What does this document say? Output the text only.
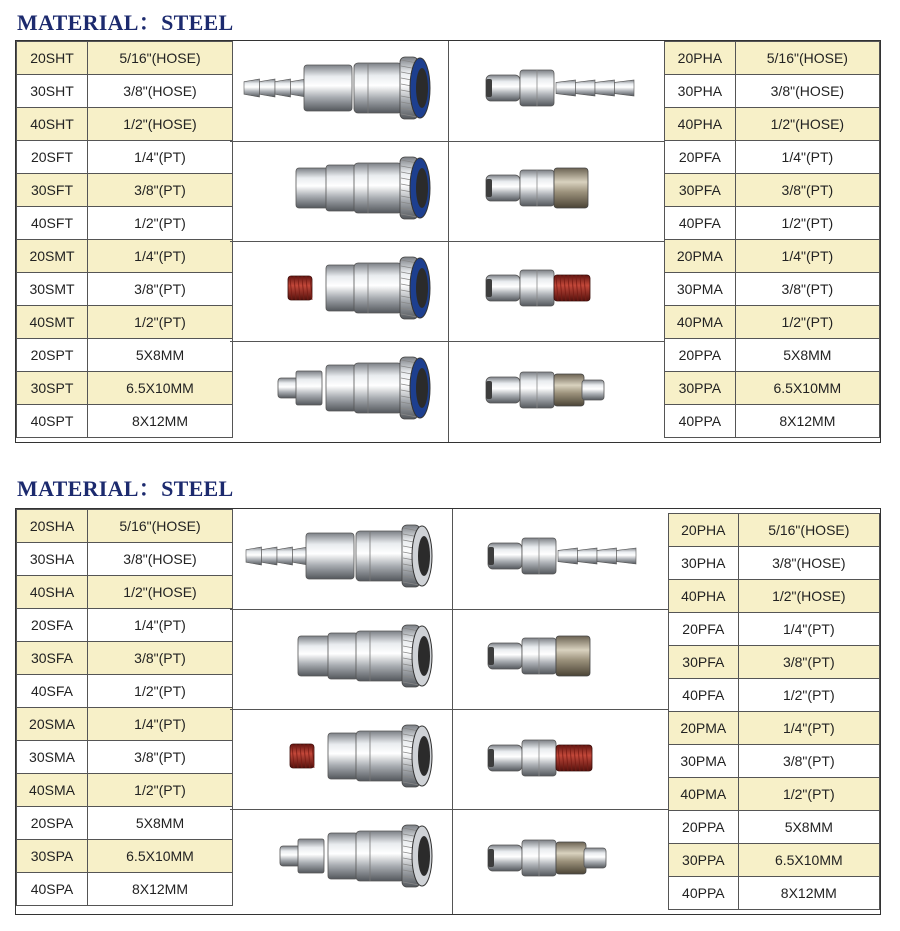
MATERIAL：STEEL
20SHT	5/16"(HOSE)
30SHT	3/8"(HOSE)
40SHT	1/2"(HOSE)
20SFT	1/4"(PT)
30SFT	3/8"(PT)
40SFT	1/2"(PT)
20SMT	1/4"(PT)
30SMT	3/8"(PT)
40SMT	1/2"(PT)
20SPT	5X8MM
30SPT	6.5X10MM
40SPT	8X12MM
20PHA	5/16"(HOSE)
30PHA	3/8"(HOSE)
40PHA	1/2"(HOSE)
20PFA	1/4"(PT)
30PFA	3/8"(PT)
40PFA	1/2"(PT)
20PMA	1/4"(PT)
30PMA	3/8"(PT)
40PMA	1/2"(PT)
20PPA	5X8MM
30PPA	6.5X10MM
40PPA	8X12MM
MATERIAL：STEEL
20SHA	5/16"(HOSE)
30SHA	3/8"(HOSE)
40SHA	1/2"(HOSE)
20SFA	1/4"(PT)
30SFA	3/8"(PT)
40SFA	1/2"(PT)
20SMA	1/4"(PT)
30SMA	3/8"(PT)
40SMA	1/2"(PT)
20SPA	5X8MM
30SPA	6.5X10MM
40SPA	8X12MM
20PHA	5/16"(HOSE)
30PHA	3/8"(HOSE)
40PHA	1/2"(HOSE)
20PFA	1/4"(PT)
30PFA	3/8"(PT)
40PFA	1/2"(PT)
20PMA	1/4"(PT)
30PMA	3/8"(PT)
40PMA	1/2"(PT)
20PPA	5X8MM
30PPA	6.5X10MM
40PPA	8X12MM
